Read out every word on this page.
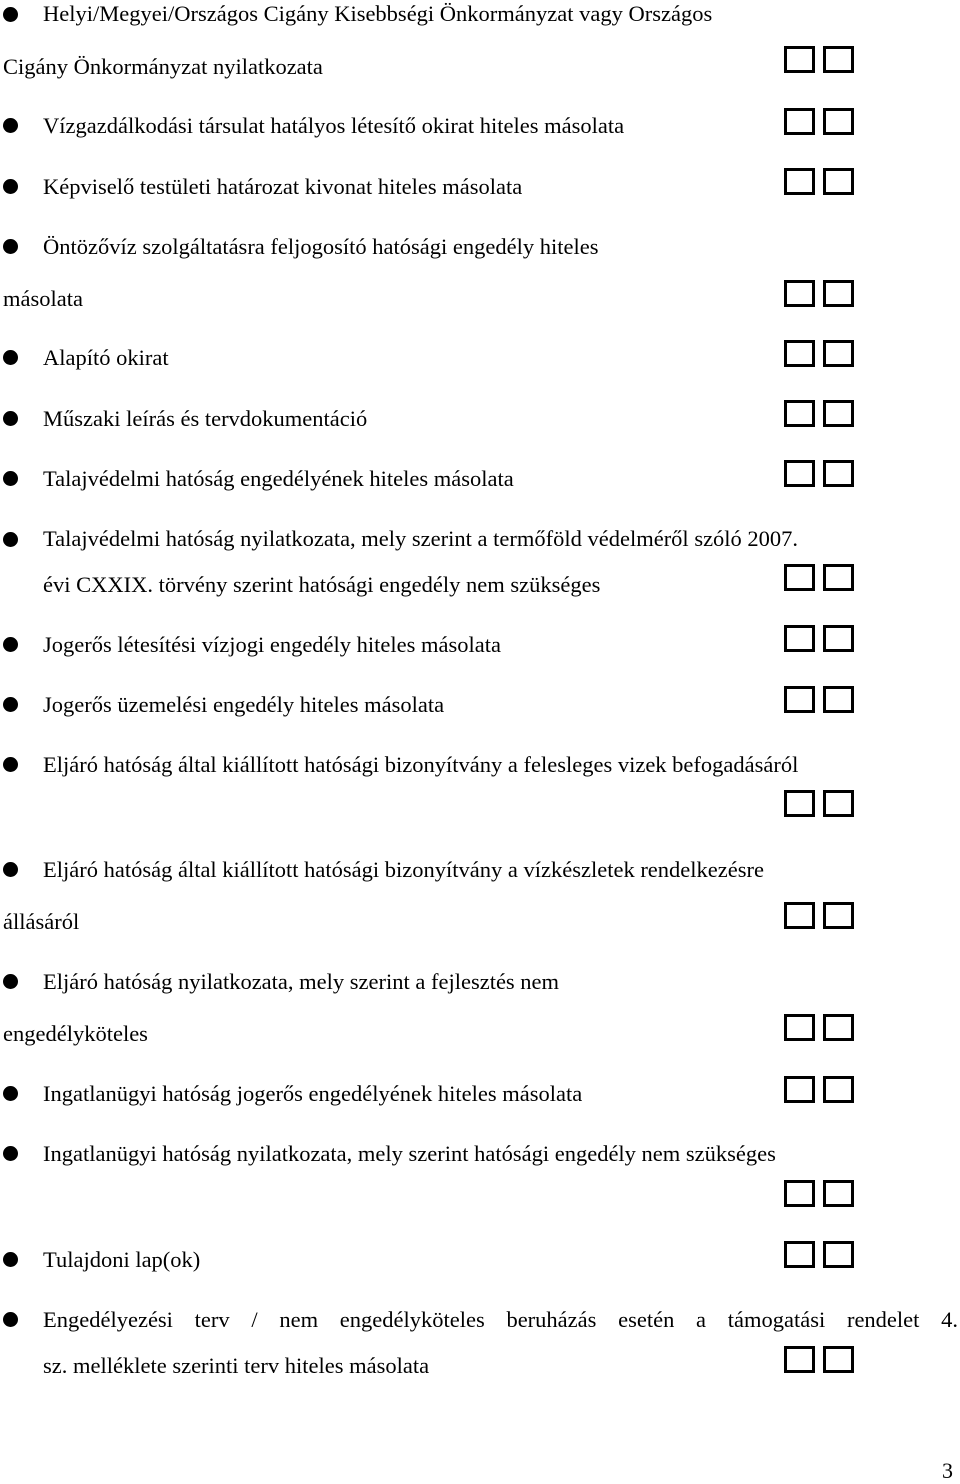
Helyi/Megyei/Országos Cigány Kisebbségi Önkormányzat vagy Országos
Cigány Önkormányzat nyilatkozata
Vízgazdálkodási társulat hatályos létesítő okirat hiteles másolata
Képviselő testületi határozat kivonat hiteles másolata
Öntözővíz szolgáltatásra feljogosító hatósági engedély hiteles
másolata
Alapító okirat
Műszaki leírás és tervdokumentáció
Talajvédelmi hatóság engedélyének hiteles másolata
Talajvédelmi hatóság nyilatkozata, mely szerint a termőföld védelméről szóló 2007.
évi CXXIX. törvény szerint hatósági engedély nem szükséges
Jogerős létesítési vízjogi engedély hiteles másolata
Jogerős üzemelési engedély hiteles másolata
Eljáró hatóság által kiállított hatósági bizonyítvány a felesleges vizek befogadásáról
Eljáró hatóság által kiállított hatósági bizonyítvány a vízkészletek rendelkezésre
állásáról
Eljáró hatóság nyilatkozata, mely szerint a fejlesztés nem
engedélyköteles
Ingatlanügyi hatóság jogerős engedélyének hiteles másolata
Ingatlanügyi hatóság nyilatkozata, mely szerint hatósági engedély nem szükséges
Tulajdoni lap(ok)
Engedélyezési terv / nem engedélyköteles beruházás esetén a támogatási rendelet 4.
sz. melléklete szerinti terv hiteles másolata
3
